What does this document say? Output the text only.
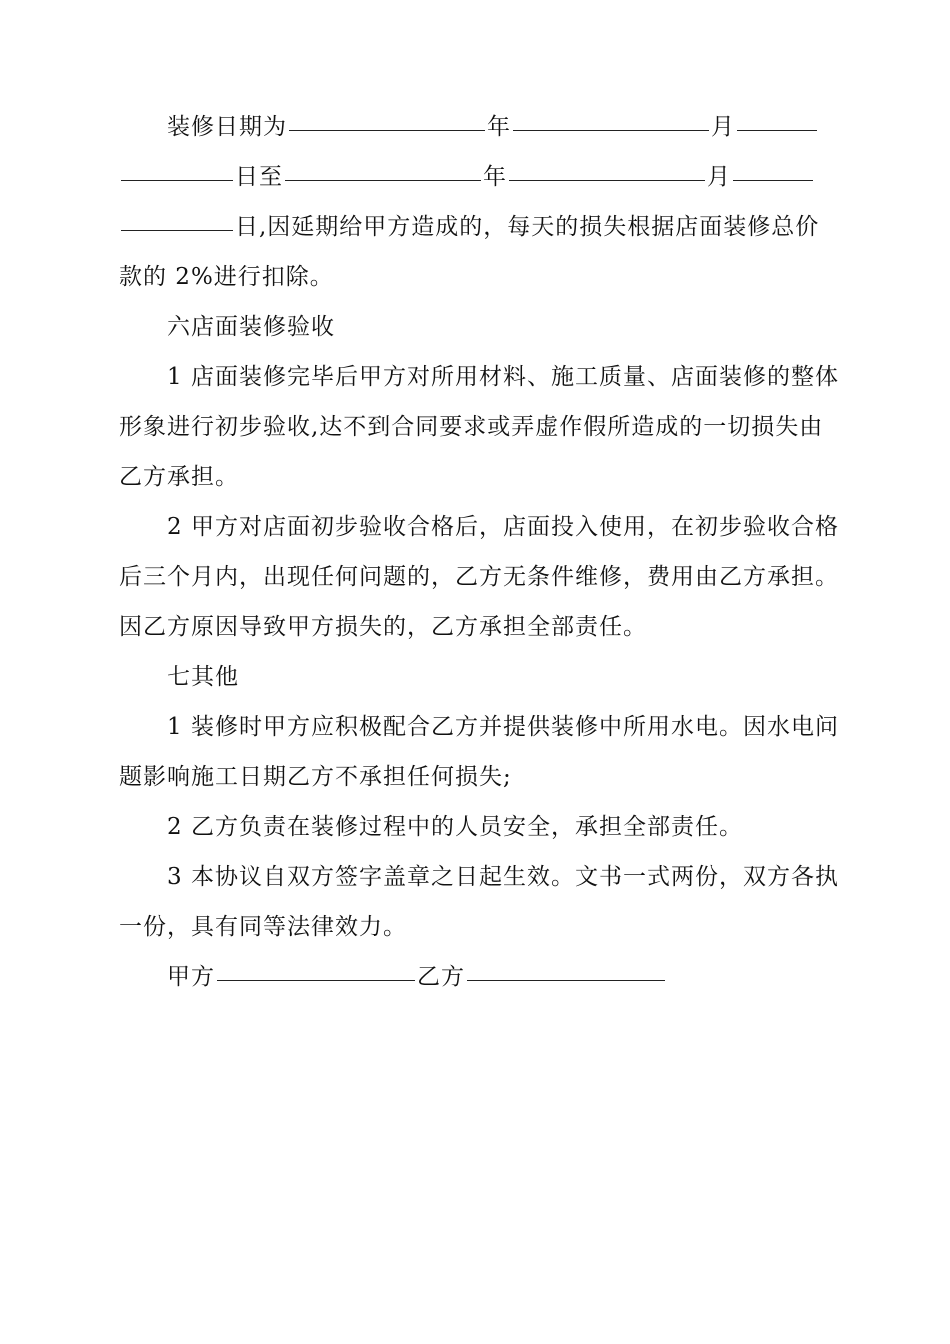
装修日期为	年	月
日至	年	月
日,因延期给甲方造成的，每天的损失根据店面装修总价
款的 2%进行扣除。
六店面装修验收
1 店面装修完毕后甲方对所用材料、施工质量、店面装修的整体
形象进行初步验收,达不到合同要求或弄虚作假所造成的一切损失由
乙方承担。
2 甲方对店面初步验收合格后，店面投入使用，在初步验收合格
后三个月内，出现任何问题的，乙方无条件维修，费用由乙方承担。
因乙方原因导致甲方损失的，乙方承担全部责任。
七其他
1 装修时甲方应积极配合乙方并提供装修中所用水电。因水电问
题影响施工日期乙方不承担任何损失;
2 乙方负责在装修过程中的人员安全，承担全部责任。
3 本协议自双方签字盖章之日起生效。文书一式两份，双方各执
一份，具有同等法律效力。
甲方	乙方
